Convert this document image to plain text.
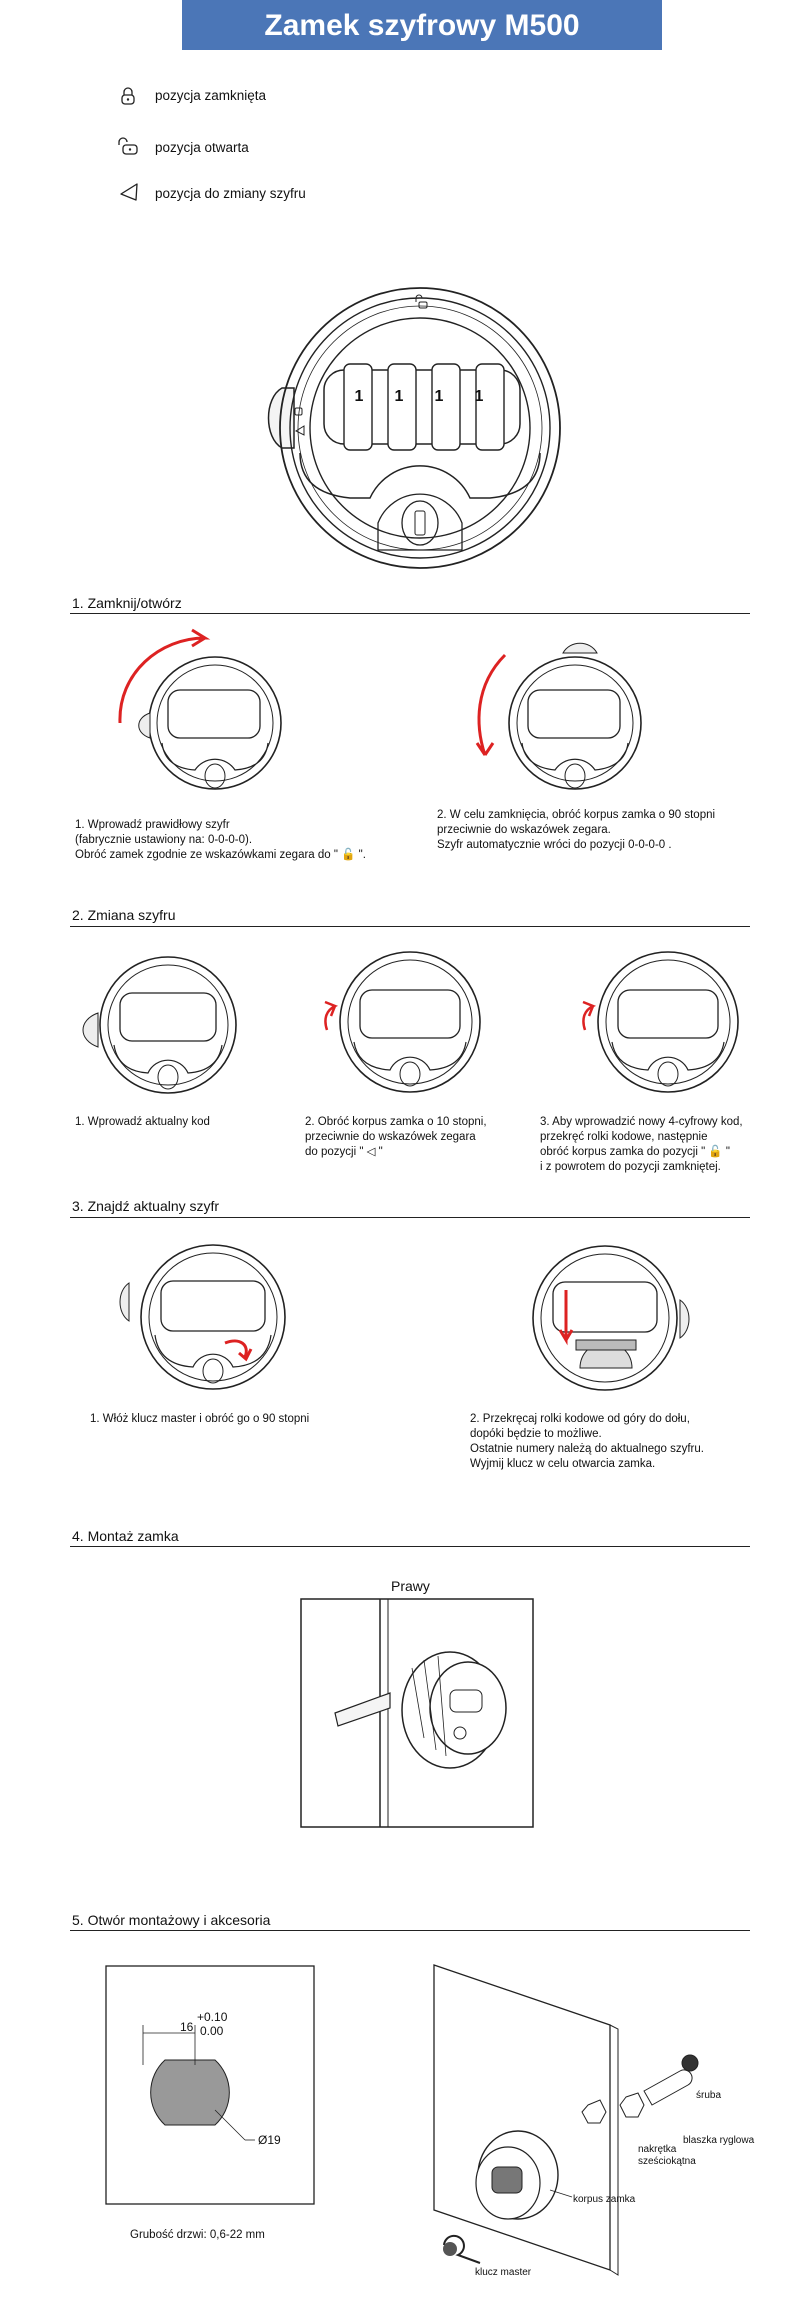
Zamek szyfrowy M500
pozycja zamknięta
pozycja otwarta
pozycja do zmiany szyfru
1 1 1 1
1. Zamknij/otwórz
1. Wprowadź prawidłowy szyfr
(fabrycznie ustawiony na: 0-0-0-0).
Obróć zamek zgodnie ze wskazówkami zegara do " 🔓 ".
2. W celu zamknięcia, obróć korpus zamka o 90 stopni
przeciwnie do wskazówek zegara.
Szyfr automatycznie wróci do pozycji 0-0-0-0 .
2. Zmiana szyfru
1. Wprowadź aktualny kod	2. Obróć korpus zamka o 10 stopni,
przeciwnie do wskazówek zegara
do pozycji " ◁ "
3. Aby wprowadzić nowy 4-cyfrowy kod,
przekręć rolki kodowe, następnie
obróć korpus zamka do pozycji " 🔓 "
i z powrotem do pozycji zamkniętej.
3. Znajdź aktualny szyfr
1. Włóż klucz master i obróć go o 90 stopni	2. Przekręcaj rolki kodowe od góry do dołu,
dopóki będzie to możliwe.
Ostatnie numery należą do aktualnego szyfru.
Wyjmij klucz w celu otwarcia zamka.
4. Montaż zamka
Prawy
5. Otwór montażowy i akcesoria
16
+0.10
0.00
Ø19
Grubość drzwi: 0,6-22 mm
śruba
blaszka ryglowa
nakrętka
sześciokątna
korpus zamka
klucz master
